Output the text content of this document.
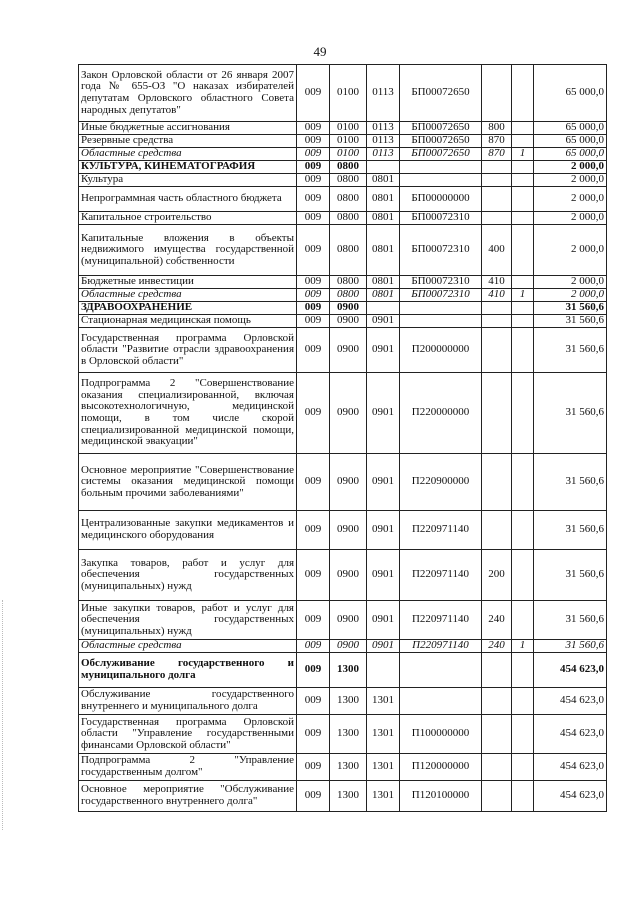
49
Закон Орловской области от 26 января 2007 года № 655-ОЗ "О наказах избирателей депутатам Орловского областного Совета народных депутатов"	009	0100	0113	БП00072650			65 000,0
Иные бюджетные ассигнования	009	0100	0113	БП00072650	800		65 000,0
Резервные средства	009	0100	0113	БП00072650	870		65 000,0
Областные средства	009	0100	0113	БП00072650	870	1	65 000,0
КУЛЬТУРА, КИНЕМАТОГРАФИЯ	009	0800					2 000,0
Культура	009	0800	0801				2 000,0
Непрограммная часть областного бюджета	009	0800	0801	БП00000000			2 000,0
Капитальное строительство	009	0800	0801	БП00072310			2 000,0
Капитальные вложения в объекты недвижимого имущества государственной (муниципальной) собственности	009	0800	0801	БП00072310	400		2 000,0
Бюджетные инвестиции	009	0800	0801	БП00072310	410		2 000,0
Областные средства	009	0800	0801	БП00072310	410	1	2 000,0
ЗДРАВООХРАНЕНИЕ	009	0900					31 560,6
Стационарная медицинская помощь	009	0900	0901				31 560,6
Государственная программа Орловской области "Развитие отрасли здравоохранения в Орловской области"	009	0900	0901	П200000000			31 560,6
Подпрограмма 2 "Совершенствование оказания специализированной, включая высокотехнологичную, медицинской помощи, в том числе скорой специализированной медицинской помощи, медицинской эвакуации"	009	0900	0901	П220000000			31 560,6
Основное мероприятие "Совершенствование системы оказания медицинской помощи больным прочими заболеваниями"	009	0900	0901	П220900000			31 560,6
Централизованные закупки медикаментов и медицинского оборудования	009	0900	0901	П220971140			31 560,6
Закупка товаров, работ и услуг для обеспечения государственных (муниципальных) нужд	009	0900	0901	П220971140	200		31 560,6
Иные закупки товаров, работ и услуг для обеспечения государственных (муниципальных) нужд	009	0900	0901	П220971140	240		31 560,6
Областные средства	009	0900	0901	П220971140	240	1	31 560,6
Обслуживание государственного и муниципального долга	009	1300					454 623,0
Обслуживание государственного внутреннего и муниципального долга	009	1300	1301				454 623,0
Государственная программа Орловской области "Управление государственными финансами Орловской области"	009	1300	1301	П100000000			454 623,0
Подпрограмма 2 "Управление государственным долгом"	009	1300	1301	П120000000			454 623,0
Основное мероприятие "Обслуживание государственного внутреннего долга"	009	1300	1301	П120100000			454 623,0
